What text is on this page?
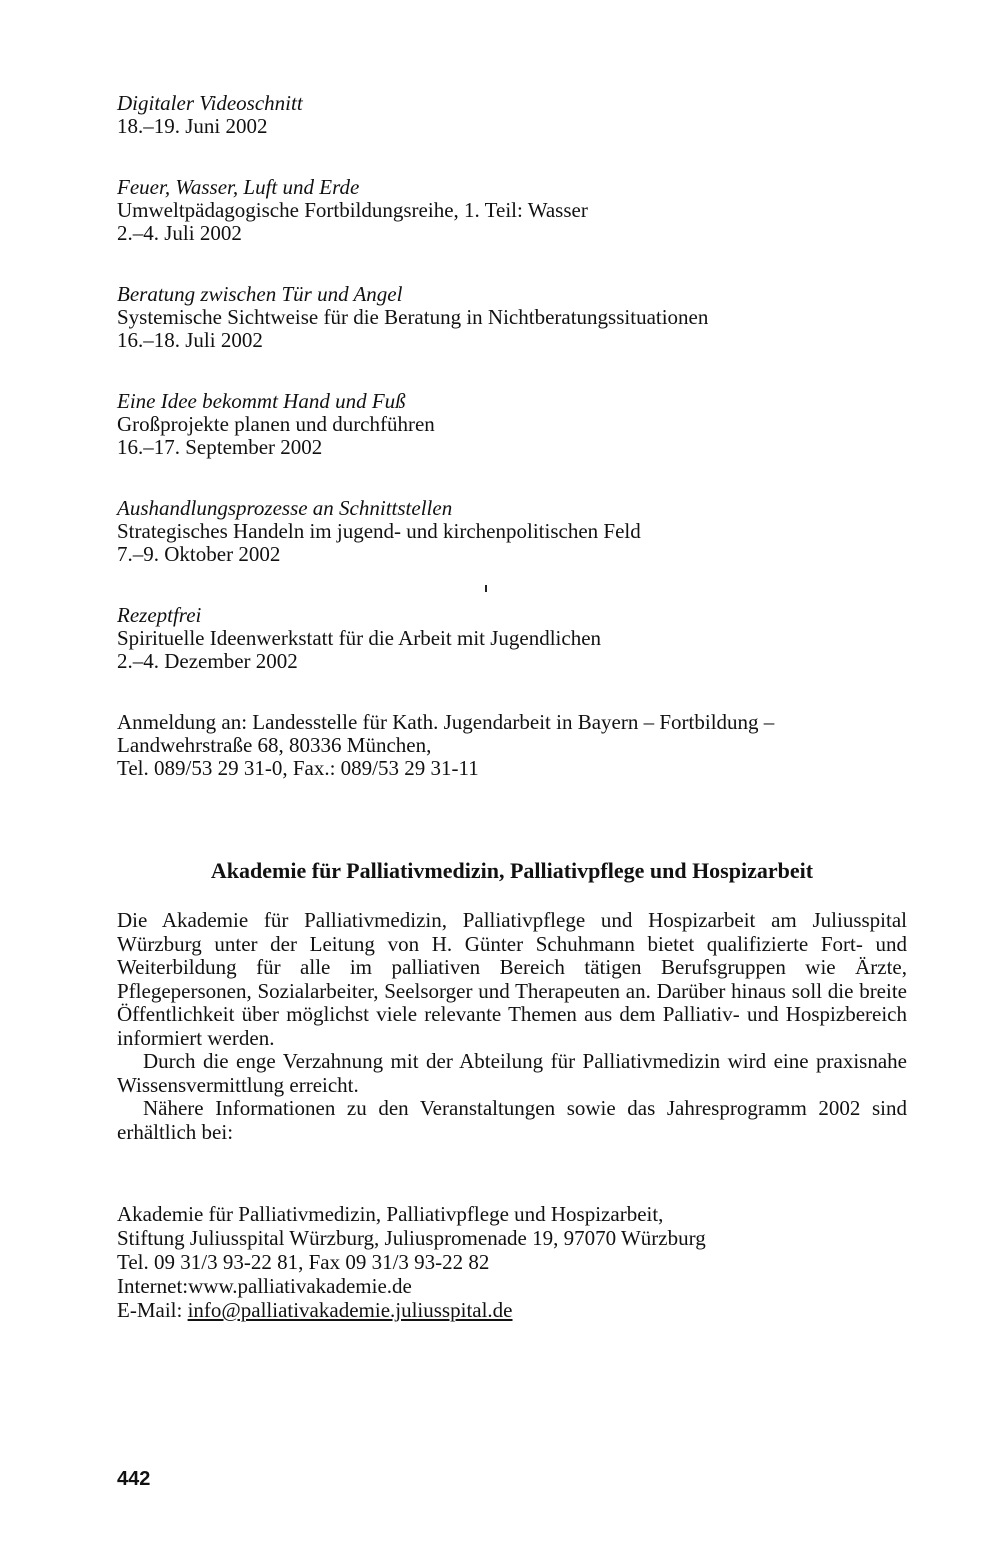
Digitaler Videoschnitt
18.–19. Juni 2002
Feuer, Wasser, Luft und Erde
Umweltpädagogische Fortbildungsreihe, 1. Teil: Wasser
2.–4. Juli 2002
Beratung zwischen Tür und Angel
Systemische Sichtweise für die Beratung in Nichtberatungssituationen
16.–18. Juli 2002
Eine Idee bekommt Hand und Fuß
Großprojekte planen und durchführen
16.–17. September 2002
Aushandlungsprozesse an Schnittstellen
Strategisches Handeln im jugend- und kirchenpolitischen Feld
7.–9. Oktober 2002
Rezeptfrei
Spirituelle Ideenwerkstatt für die Arbeit mit Jugendlichen
2.–4. Dezember 2002
Anmeldung an: Landesstelle für Kath. Jugendarbeit in Bayern – Fortbildung –
Landwehrstraße 68, 80336 München,
Tel. 089/53 29 31-0, Fax.: 089/53 29 31-11
Akademie für Palliativmedizin, Palliativpflege und Hospizarbeit

Die Akademie für Palliativmedizin, Palliativpflege und Hospizarbeit am Juliusspital Würzburg unter der Leitung von H. Günter Schuhmann bietet qualifizierte Fort- und Weiterbildung für alle im palliativen Bereich tätigen Berufsgruppen wie Ärzte, Pflegepersonen, Sozialarbeiter, Seelsorger und Therapeuten an. Darüber hinaus soll die breite Öffentlichkeit über möglichst viele relevante Themen aus dem Palliativ- und Hospizbereich informiert werden.

Durch die enge Verzahnung mit der Abteilung für Palliativmedizin wird eine praxisnahe Wissensvermittlung erreicht.

Nähere Informationen zu den Veranstaltungen sowie das Jahresprogramm 2002 sind erhältlich bei:

Akademie für Palliativmedizin, Palliativpflege und Hospizarbeit,
Stiftung Juliusspital Würzburg, Juliuspromenade 19, 97070 Würzburg
Tel. 09 31/3 93-22 81, Fax 09 31/3 93-22 82
Internet:www.palliativakademie.de
E-Mail: info@palliativakademie.juliusspital.de
442
